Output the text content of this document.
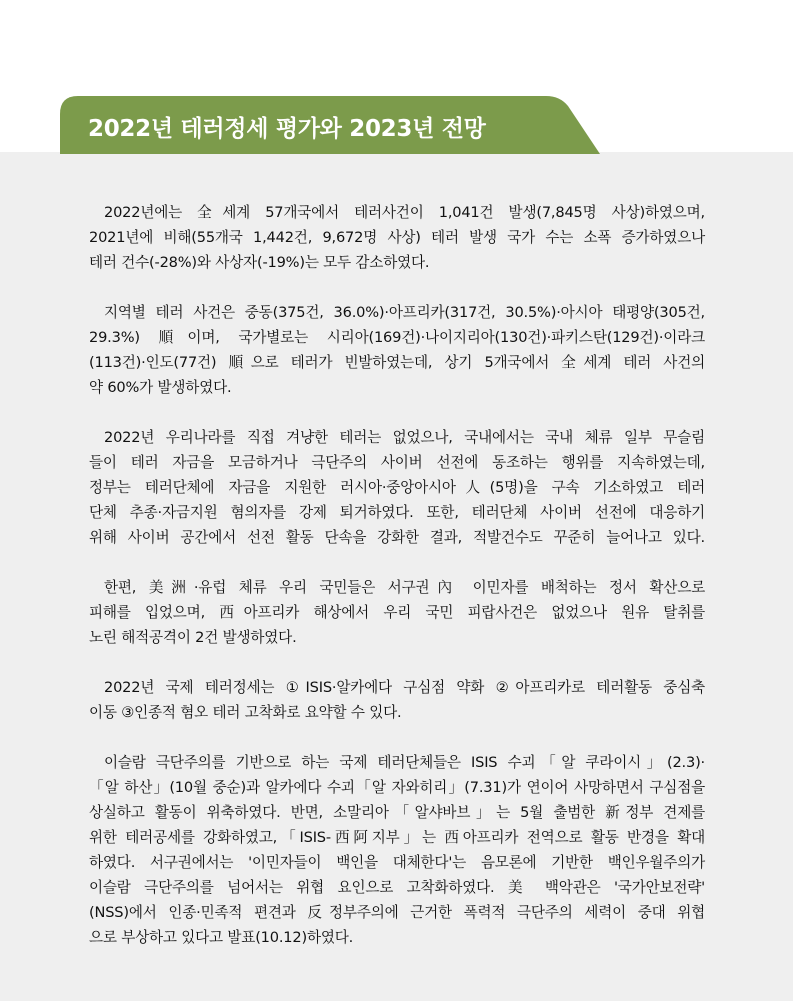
2022년 테러정세 평가와 2023년 전망
2022년에는 全세계 57개국에서 테러사건이 1,041건 발생(7,845명 사상)하였으며,
2021년에 비해(55개국 1,442건, 9,672명 사상) 테러 발생 국가 수는 소폭 증가하였으나
테러 건수(-28%)와 사상자(-19%)는 모두 감소하였다.
지역별 테러 사건은 중동(375건, 36.0%)·아프리카(317건, 30.5%)·아시아 태평양(305건,
29.3%) 順이며, 국가별로는 시리아(169건)·나이지리아(130건)·파키스탄(129건)·이라크
(113건)·인도(77건) 順으로 테러가 빈발하였는데, 상기 5개국에서 全세계 테러 사건의
약 60%가 발생하였다.
2022년 우리나라를 직접 겨냥한 테러는 없었으나, 국내에서는 국내 체류 일부 무슬림
들이 테러 자금을 모금하거나 극단주의 사이버 선전에 동조하는 행위를 지속하였는데,
정부는 테러단체에 자금을 지원한 러시아·중앙아시아人(5명)을 구속 기소하였고 테러
단체 추종·자금지원 혐의자를 강제 퇴거하였다. 또한, 테러단체 사이버 선전에 대응하기
위해 사이버 공간에서 선전 활동 단속을 강화한 결과, 적발건수도 꾸준히 늘어나고 있다.
한편, 美洲·유럽 체류 우리 국민들은 서구권內 이민자를 배척하는 정서 확산으로
피해를 입었으며, 西아프리카 해상에서 우리 국민 피랍사건은 없었으나 원유 탈취를
노린 해적공격이 2건 발생하였다.
2022년 국제 테러정세는 ①ISIS·알카에다 구심점 약화 ②아프리카로 테러활동 중심축
이동 ③인종적 혐오 테러 고착화로 요약할 수 있다.
이슬람 극단주의를 기반으로 하는 국제 테러단체들은 ISIS 수괴「알 쿠라이시」(2.3)·
「알 하산」(10월 중순)과 알카에다 수괴「알 자와히리」(7.31)가 연이어 사망하면서 구심점을
상실하고 활동이 위축하였다. 반면, 소말리아「알샤바브」는 5월 출범한 新정부 견제를
위한 테러공세를 강화하였고,「ISIS-西阿지부」는 西아프리카 전역으로 활동 반경을 확대
하였다. 서구권에서는 '이민자들이 백인을 대체한다'는 음모론에 기반한 백인우월주의가
이슬람 극단주의를 넘어서는 위협 요인으로 고착화하였다. 美 백악관은 '국가안보전략'
(NSS)에서 인종·민족적 편견과 反정부주의에 근거한 폭력적 극단주의 세력이 중대 위협
으로 부상하고 있다고 발표(10.12)하였다.
